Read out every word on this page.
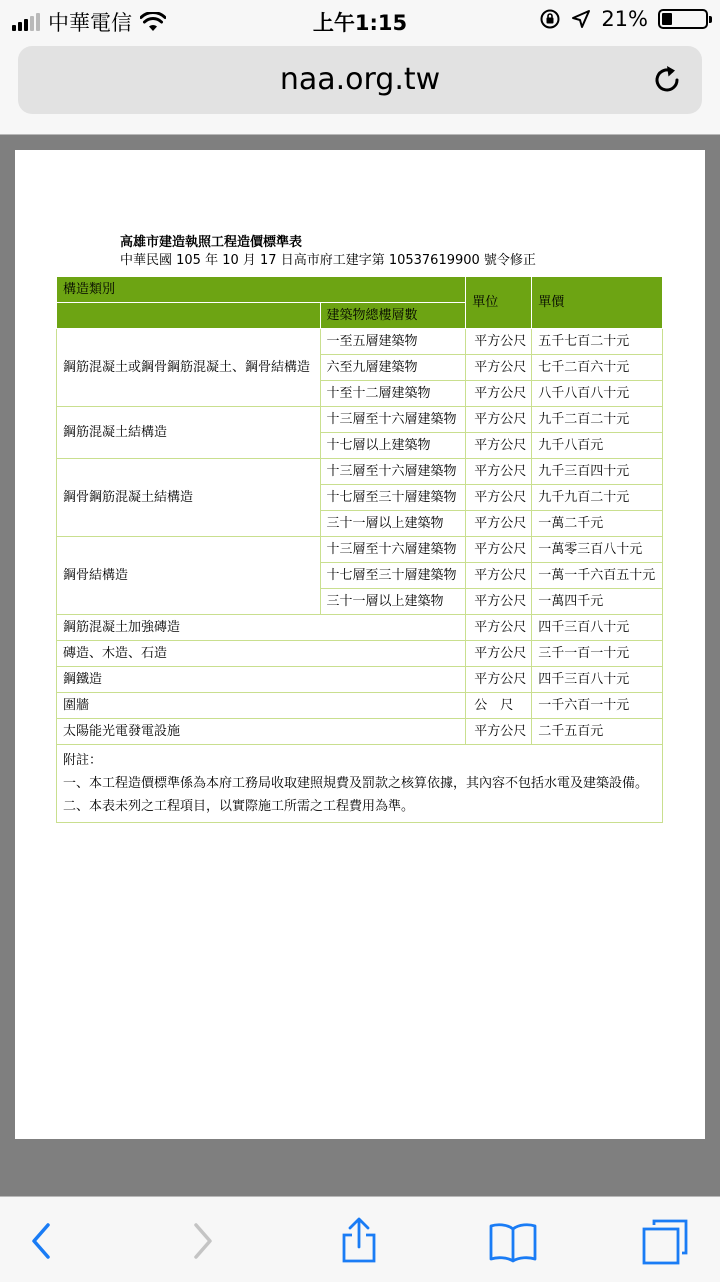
中華電信	上午1:15	21%
naa.org.tw
高雄市建造執照工程造價標準表
中華民國 105 年 10 月 17 日高市府工建字第 10537619900 號令修正
構造類別		單位	單價
	建築物總樓層數		
鋼筋混凝土或鋼骨鋼筋混凝土、鋼骨結構造	一至五層建築物	平方公尺	五千七百二十元
	六至九層建築物	平方公尺	七千二百六十元
	十至十二層建築物	平方公尺	八千八百八十元
鋼筋混凝土結構造	十三層至十六層建築物	平方公尺	九千二百二十元
	十七層以上建築物	平方公尺	九千八百元
鋼骨鋼筋混凝土結構造	十三層至十六層建築物	平方公尺	九千三百四十元
	十七層至三十層建築物	平方公尺	九千九百二十元
	三十一層以上建築物	平方公尺	一萬二千元
鋼骨結構造	十三層至十六層建築物	平方公尺	一萬零三百八十元
	十七層至三十層建築物	平方公尺	一萬一千六百五十元
	三十一層以上建築物	平方公尺	一萬四千元
鋼筋混凝土加強磚造		平方公尺	四千三百八十元
磚造、木造、石造		平方公尺	三千一百一十元
鋼鐵造		平方公尺	四千三百八十元
圍牆		公　尺	一千六百一十元
太陽能光電發電設施		平方公尺	二千五百元
附註：
一、本工程造價標準係為本府工務局收取建照規費及罰款之核算依據，其內容不包括水電及建築設備。
二、本表未列之工程項目，以實際施工所需之工程費用為準。
